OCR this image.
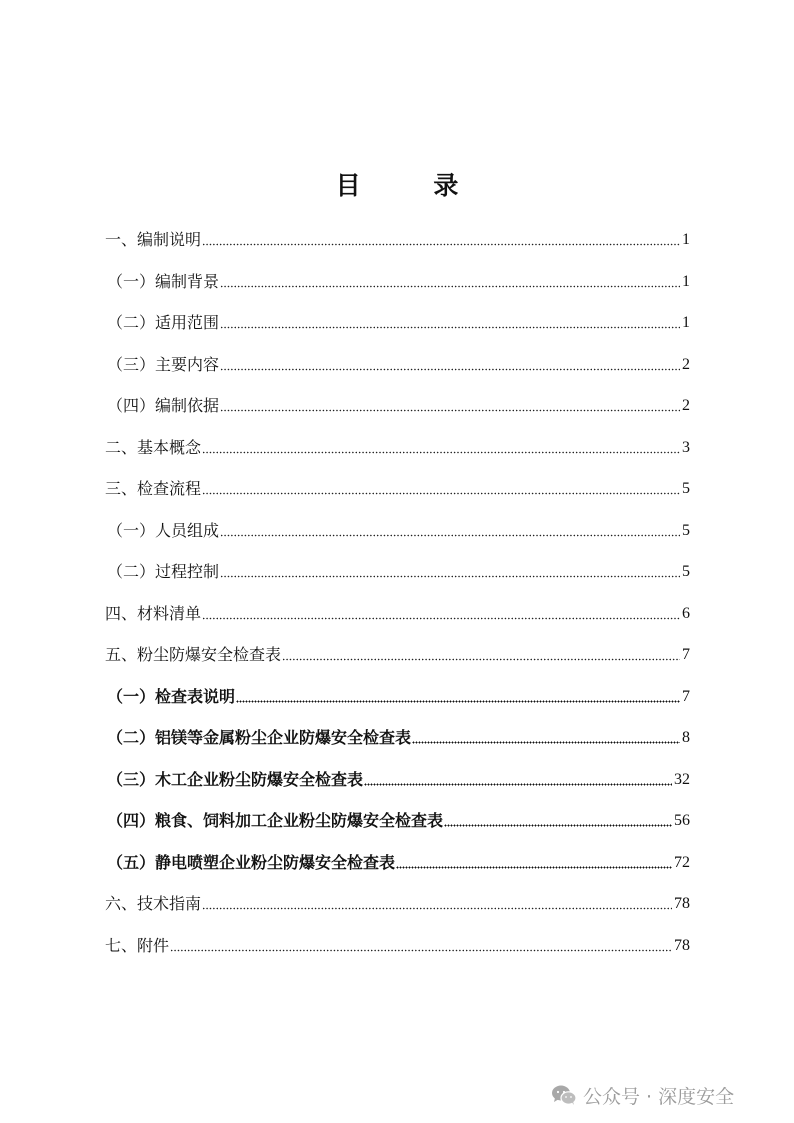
目 录
一、编制说明	1
（一）编制背景	1
（二）适用范围	1
（三）主要内容	2
（四）编制依据	2
二、基本概念	3
三、检查流程	5
（一）人员组成	5
（二）过程控制	5
四、材料清单	6
五、粉尘防爆安全检查表	7
（一）检查表说明	7
（二）铝镁等金属粉尘企业防爆安全检查表	8
（三）木工企业粉尘防爆安全检查表	32
（四）粮食、饲料加工企业粉尘防爆安全检查表	56
（五）静电喷塑企业粉尘防爆安全检查表	72
六、技术指南	78
七、附件	78
公众号 · 深度安全
